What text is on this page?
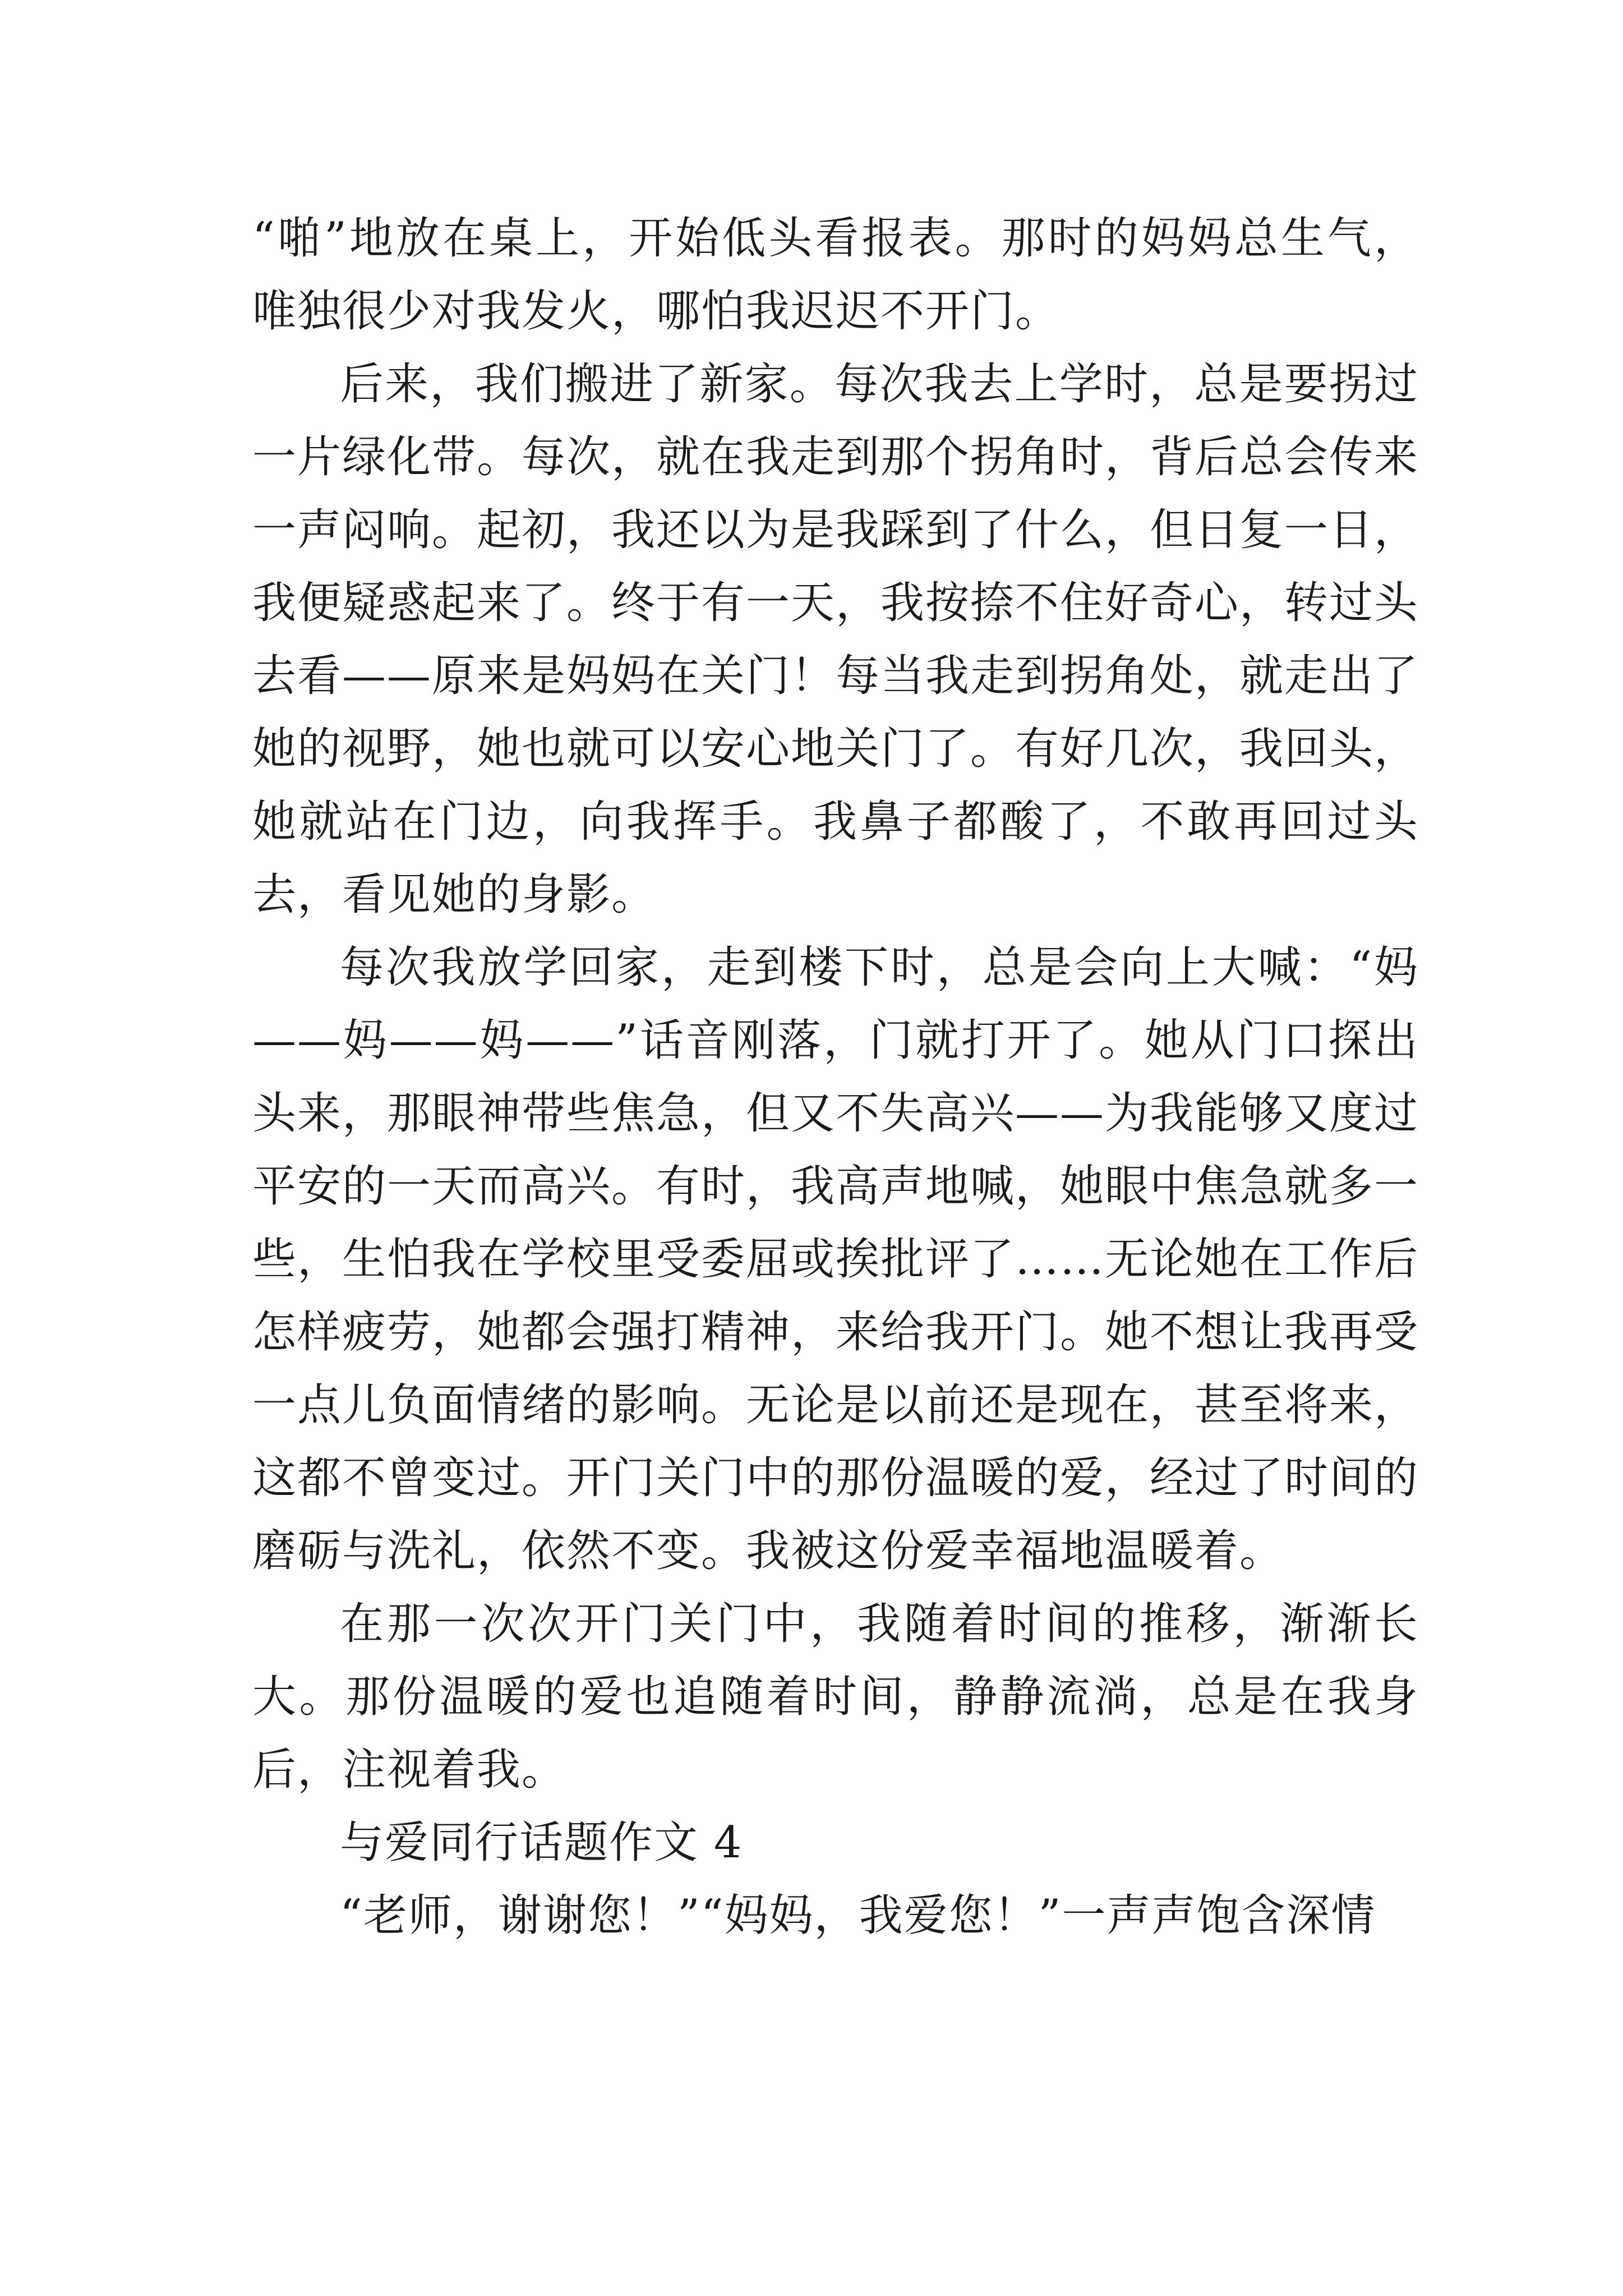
“啪”地放在桌上，开始低头看报表。那时的妈妈总生气，唯独很少对我发火，哪怕我迟迟不开门。

后来，我们搬进了新家。每次我去上学时，总是要拐过一片绿化带。每次，就在我走到那个拐角时，背后总会传来一声闷响。起初，我还以为是我踩到了什么，但日复一日，我便疑惑起来了。终于有一天，我按捺不住好奇心，转过头去看——原来是妈妈在关门！每当我走到拐角处，就走出了她的视野，她也就可以安心地关门了。有好几次，我回头，她就站在门边，向我挥手。我鼻子都酸了，不敢再回过头去，看见她的身影。

每次我放学回家，走到楼下时，总是会向上大喊：“妈——妈——妈——”话音刚落，门就打开了。她从门口探出头来，那眼神带些焦急，但又不失高兴——为我能够又度过平安的一天而高兴。有时，我高声地喊，她眼中焦急就多一些，生怕我在学校里受委屈或挨批评了……无论她在工作后怎样疲劳，她都会强打精神，来给我开门。她不想让我再受一点儿负面情绪的影响。无论是以前还是现在，甚至将来，这都不曾变过。开门关门中的那份温暖的爱，经过了时间的磨砺与洗礼，依然不变。我被这份爱幸福地温暖着。

在那一次次开门关门中，我随着时间的推移，渐渐长大。那份温暖的爱也追随着时间，静静流淌，总是在我身后，注视着我。

与爱同行话题作文 4

“老师，谢谢您！”“妈妈，我爱您！”一声声饱含深情
